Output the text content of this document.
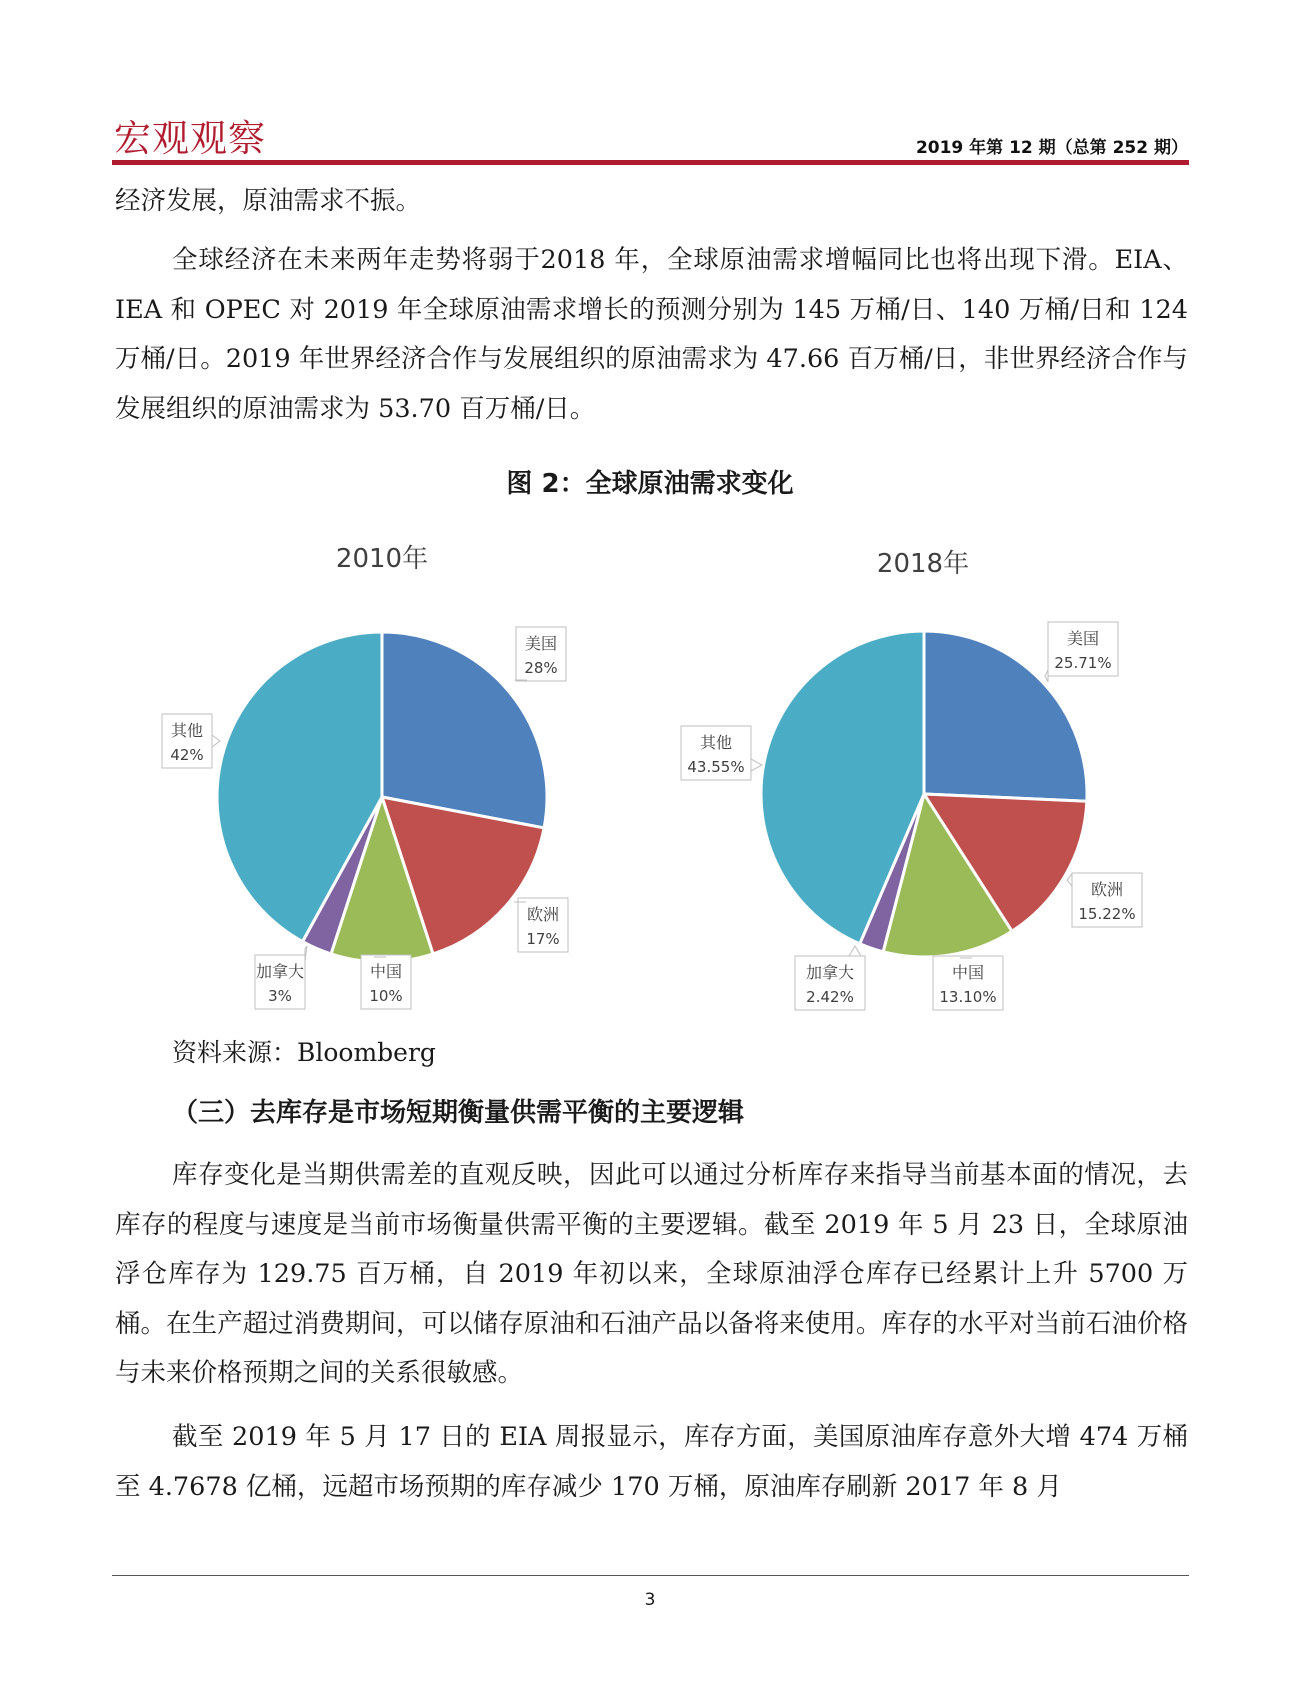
宏观观察	2019 年第 12 期（总第 252 期）

经济发展，原油需求不振。

全球经济在未来两年走势将弱于2018 年，全球原油需求增幅同比也将出现下滑。EIA、IEA 和 OPEC 对 2019 年全球原油需求增长的预测分别为 145 万桶/日、140 万桶/日和 124 万桶/日。2019 年世界经济合作与发展组织的原油需求为 47.66 百万桶/日，非世界经济合作与发展组织的原油需求为 53.70 百万桶/日。

图 2：全球原油需求变化
2010年	2018年
美国
28%
欧洲
17%
中国
10%
加拿大
3%
其他
42%
美国
25.71%
欧洲
15.22%
中国
13.10%
加拿大
2.42%
其他
43.55%
资料来源：Bloomberg
（三）去库存是市场短期衡量供需平衡的主要逻辑

库存变化是当期供需差的直观反映，因此可以通过分析库存来指导当前基本面的情况，去库存的程度与速度是当前市场衡量供需平衡的主要逻辑。截至 2019 年 5 月 23 日，全球原油浮仓库存为 129.75 百万桶，自 2019 年初以来，全球原油浮仓库存已经累计上升 5700 万桶。在生产超过消费期间，可以储存原油和石油产品以备将来使用。库存的水平对当前石油价格与未来价格预期之间的关系很敏感。

截至 2019 年 5 月 17 日的 EIA 周报显示，库存方面，美国原油库存意外大增 474 万桶至 4.7678 亿桶，远超市场预期的库存减少 170 万桶，原油库存刷新 2017 年 8 月

3
